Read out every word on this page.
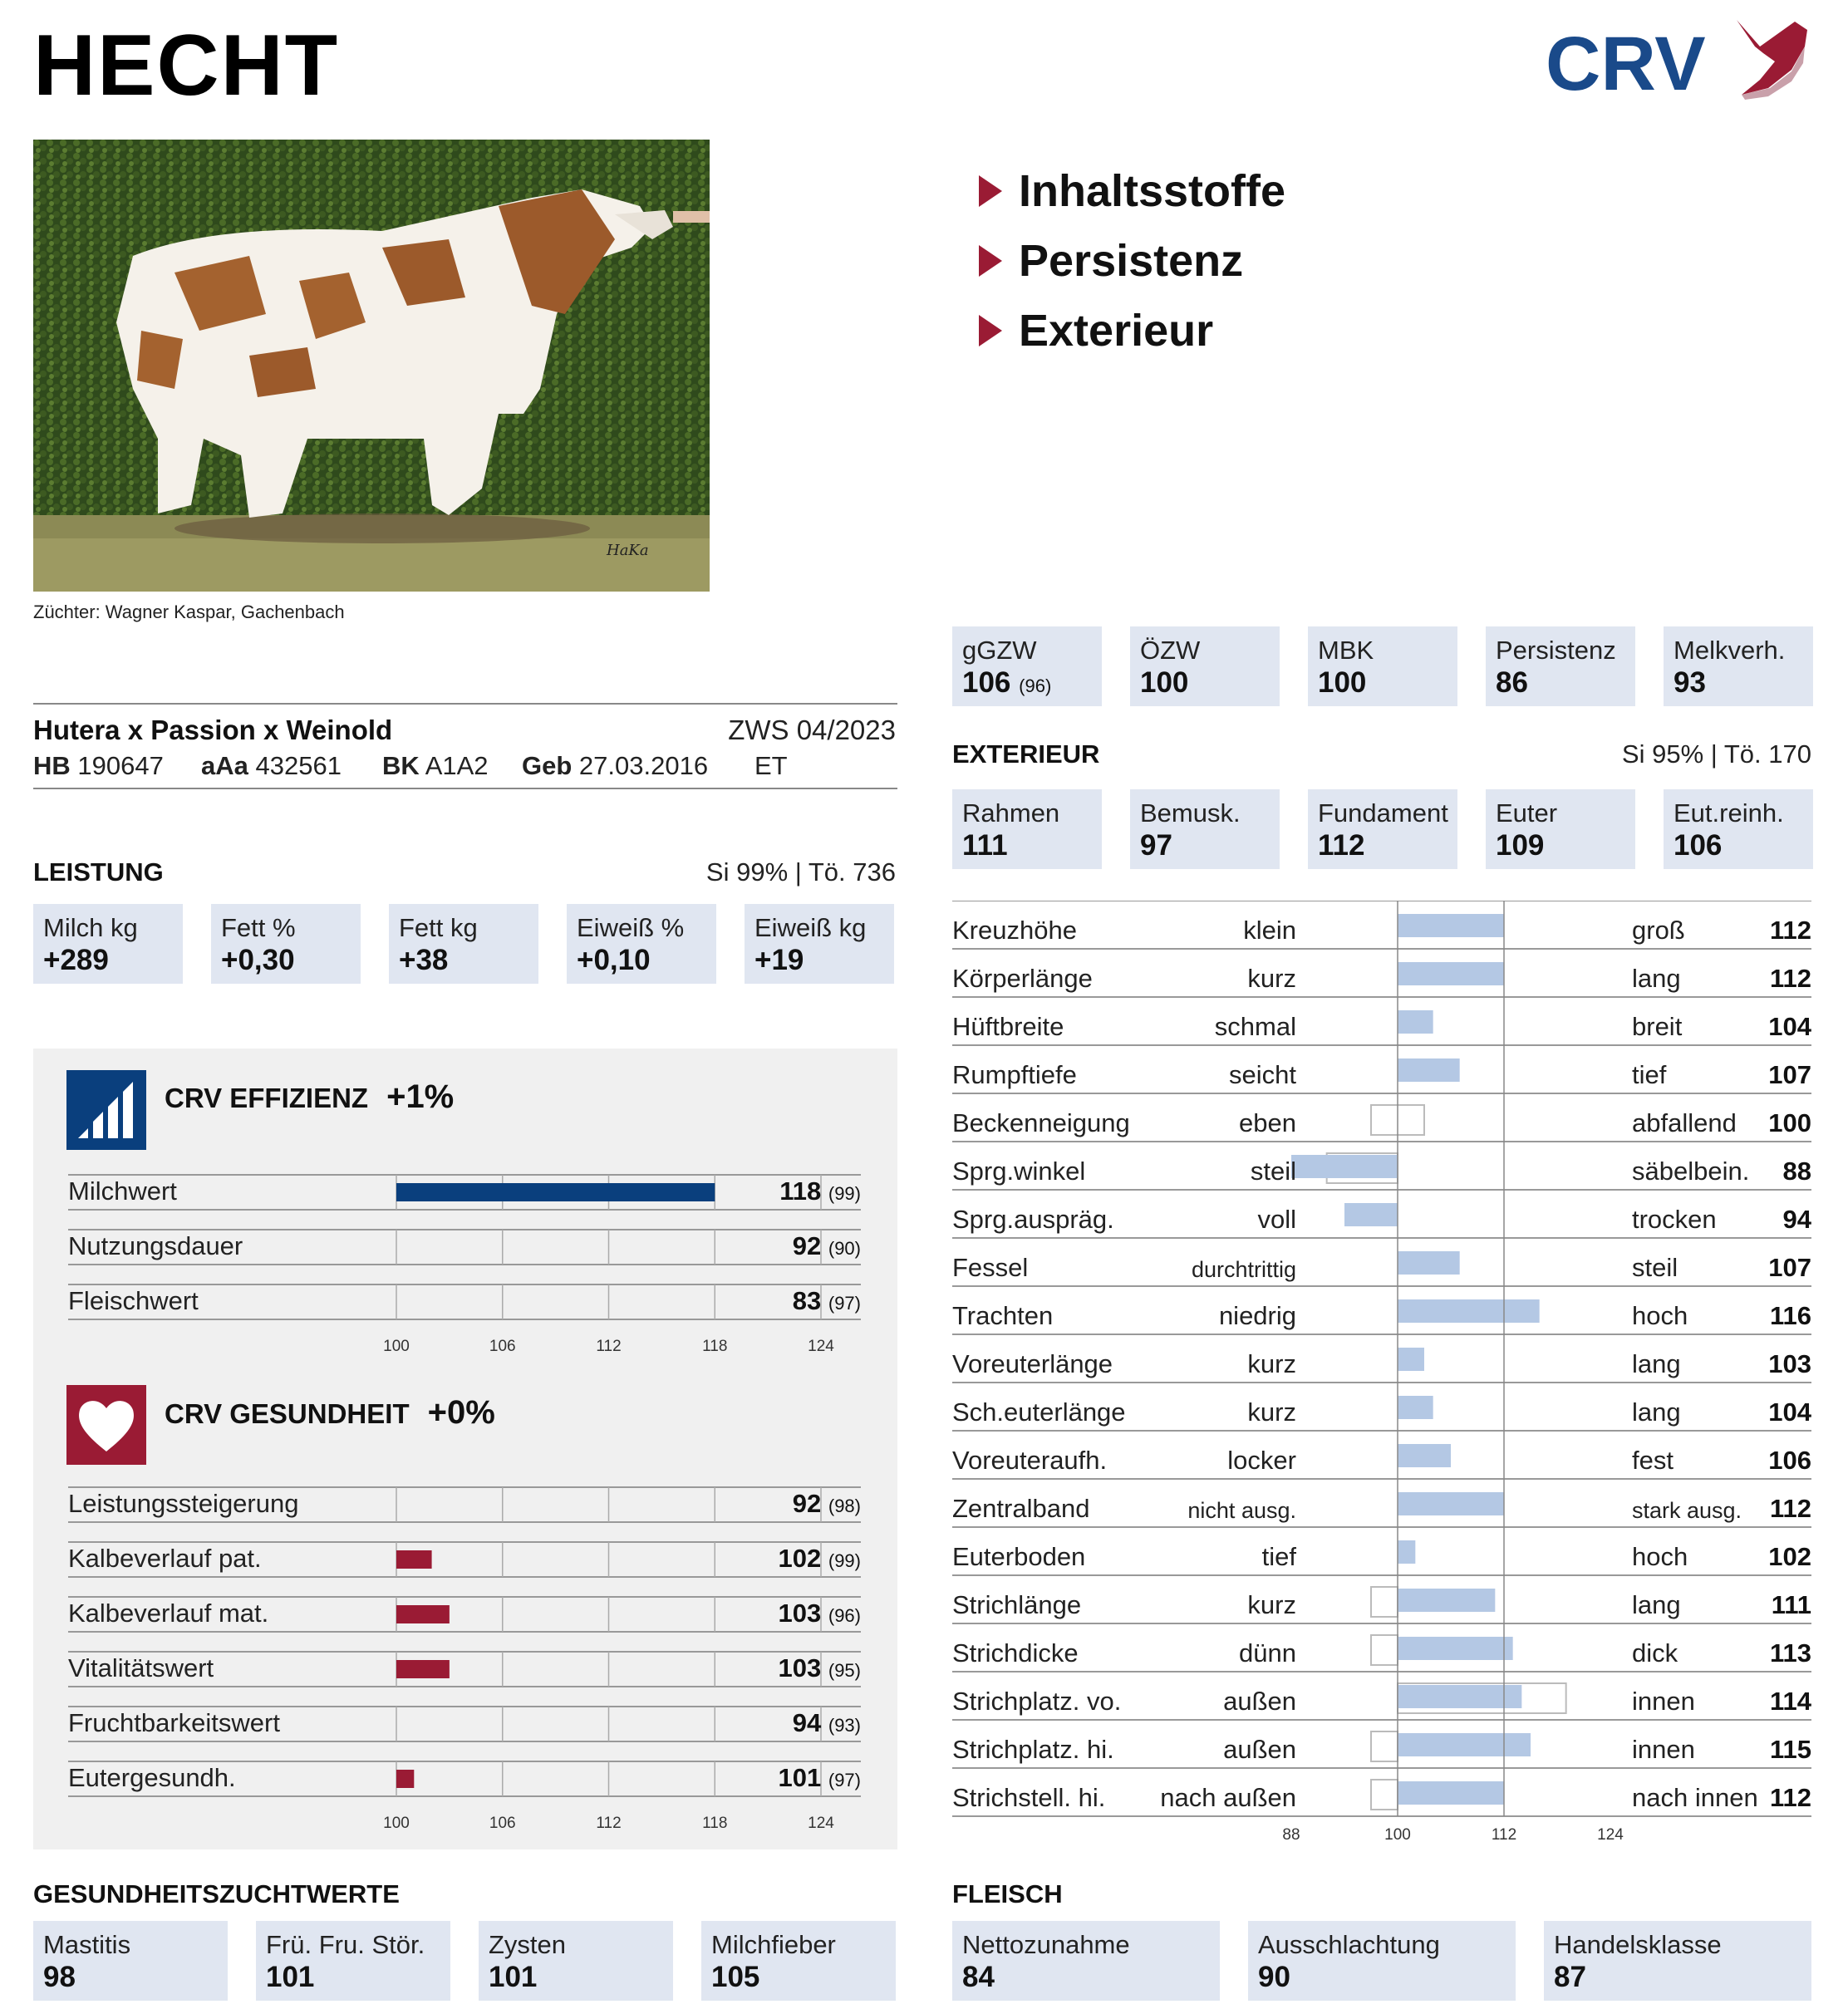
HECHT	CRV
HaKa
Züchter: Wagner Kaspar, Gachenbach
Inhaltsstoffe
Persistenz
Exterieur
Hutera x Passion x Weinold	ZWS 04/2023
HB 190647 aAa 432561 BK A1A2 Geb 27.03.2016 ET
LEISTUNG	Si 99% | Tö. 736
Milch kg
+289
Fett %
+0,30
Fett kg
+38
Eiweiß %
+0,10
Eiweiß kg
+19
CRV EFFIZIENZ +1%
Milchwert	118 (99)
Nutzungsdauer	92 (90)
Fleischwert	83 (97)
100	106	112	118	124
CRV GESUNDHEIT +0%
Leistungssteigerung	92 (98)
Kalbeverlauf pat.	102 (99)
Kalbeverlauf mat.	103 (96)
Vitalitätswert	103 (95)
Fruchtbarkeitswert	94 (93)
Eutergesundh.	101 (97)
100	106	112	118	124
gGZW
106 (96)
ÖZW
100
MBK
100
Persistenz
86
Melkverh.
93
EXTERIEUR	Si 95% | Tö. 170
Rahmen
111
Bemusk.
97
Fundament
112
Euter
109
Eut.reinh.
106
Kreuzhöhe	klein	groß	112
Körperlänge	kurz	lang	112
Hüftbreite	schmal	breit	104
Rumpftiefe	seicht	tief	107
Beckenneigung	eben	abfallend 100
Sprg.winkel	steil	säbelbein. 88
Sprg.auspräg.	voll	trocken	94
Fessel	durchtrittig	steil	107
Trachten	niedrig	hoch	116
Voreuterlänge	kurz	lang	103
Sch.euterlänge	kurz	lang	104
Voreuteraufh.	locker	fest	106
Zentralband	nicht ausg.	stark ausg. 112
Euterboden	tief	hoch	102
Strichlänge	kurz	lang	111
Strichdicke	dünn	dick	113
Strichplatz. vo.	außen	innen	114
Strichplatz. hi.	außen	innen	115
Strichstell. hi. nach außen	nach innen 112
88	100	112	124
GESUNDHEITSZUCHTWERTE
Mastitis
98
Frü. Fru. Stör.
101
Zysten
101
Milchfieber
105
FLEISCH
Nettozunahme
84
Ausschlachtung
90
Handelsklasse
87
